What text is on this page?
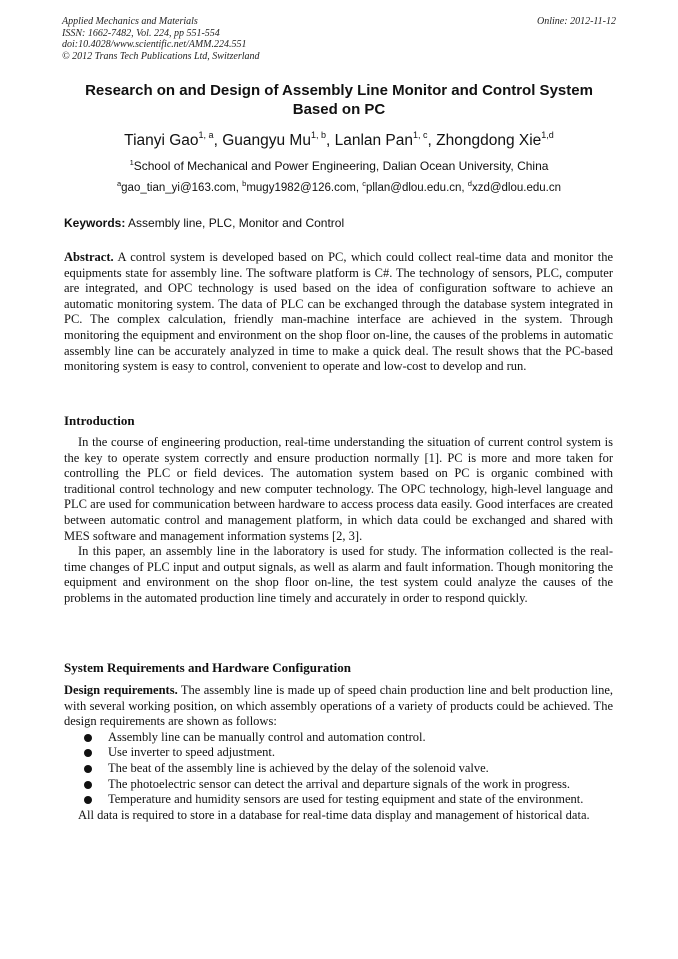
Applied Mechanics and Materials
ISSN: 1662-7482, Vol. 224, pp 551-554
doi:10.4028/www.scientific.net/AMM.224.551
© 2012 Trans Tech Publications Ltd, Switzerland
Online: 2012-11-12
Research on and Design of Assembly Line Monitor and Control System Based on PC
Tianyi Gao$^{1, a}$, Guangyu Mu$^{1, b}$, Lanlan Pan$^{1, c}$, Zhongdong Xie$^{1,d}$
$^1$School of Mechanical and Power Engineering, Dalian Ocean University, China
$^a$gao_tian_yi@163.com, $^b$mugy1982@126.com, $^c$pllan@dlou.edu.cn, $^d$xzd@dlou.edu.cn
Keywords: Assembly line, PLC, Monitor and Control

Abstract. A control system is developed based on PC, which could collect real-time data and monitor the equipments state for assembly line. The software platform is C#. The technology of sensors, PLC, computer are integrated, and OPC technology is used based on the idea of configuration software to achieve an automatic monitoring system. The data of PLC can be exchanged through the database system integrated in PC. The complex calculation, friendly man-machine interface are achieved in the system. Through monitoring the equipment and environment on the shop floor on-line, the causes of the problems in automatic assembly line can be accurately analyzed in time to make a quick deal. The result shows that the PC-based monitoring system is easy to control, convenient to operate and low-cost to develop and run.

Introduction

In the course of engineering production, real-time understanding the situation of current control system is the key to operate system correctly and ensure production normally [1]. PC is more and more taken for controlling the PLC or field devices. The automation system based on PC is organic combined with traditional control technology and new computer technology. The OPC technology, high-level language and PLC are used for communication between hardware to access process data easily. Good interfaces are created between automatic control and management platform, in which data could be exchanged and shared with MES software and management information systems [2, 3].

In this paper, an assembly line in the laboratory is used for study. The information collected is the real-time changes of PLC input and output signals, as well as alarm and fault information. Though monitoring the equipment and environment on the shop floor on-line, the test system could analyze the causes of the problems in the automated production line timely and accurately in order to respond quickly.

System Requirements and Hardware Configuration

Design requirements. The assembly line is made up of speed chain production line and belt production line, with several working position, on which assembly operations of a variety of products could be achieved. The design requirements are shown as follows:

Assembly line can be manually control and automation control.
Use inverter to speed adjustment.
The beat of the assembly line is achieved by the delay of the solenoid valve.
The photoelectric sensor can detect the arrival and departure signals of the work in progress.
Temperature and humidity sensors are used for testing equipment and state of the environment.

All data is required to store in a database for real-time data display and management of historical data.
